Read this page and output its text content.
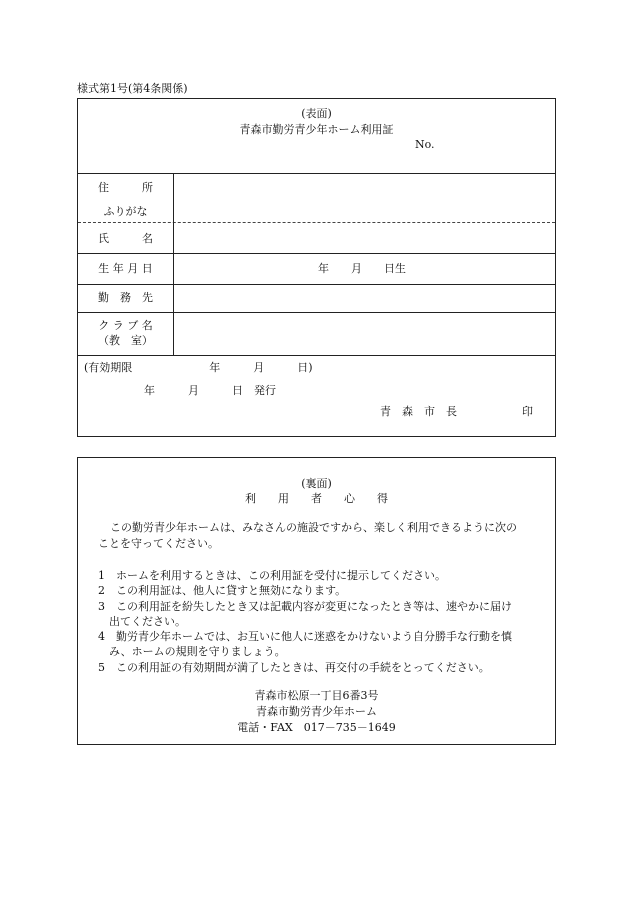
様式第1号(第4条関係)
(表面)
青森市勤労青少年ホーム利用証
No.
住　　　所
ふりがな
氏　　　名
生 年 月 日	年　　月　　日生
勤　務　先
ク ラ ブ 名
（教　室）
(有効期限　　　　　　　年　　　月　　　日)
年　　　月　　　日　発行
青　森　市　長	印
(裏面)
利　　用　　者　　心　　得
この勤労青少年ホームは、みなさんの施設ですから、楽しく利用できるように次の
ことを守ってください。
1　ホームを利用するときは、この利用証を受付に提示してください。
2　この利用証は、他人に貸すと無効になります。
3　この利用証を紛失したとき又は記載内容が変更になったとき等は、速やかに届け
　出てください。
4　勤労青少年ホームでは、お互いに他人に迷惑をかけないよう自分勝手な行動を慎
　み、ホームの規則を守りましょう。
5　この利用証の有効期間が満了したときは、再交付の手続をとってください。
青森市松原一丁目6番3号
青森市勤労青少年ホーム
電話・FAX　017－735－1649
